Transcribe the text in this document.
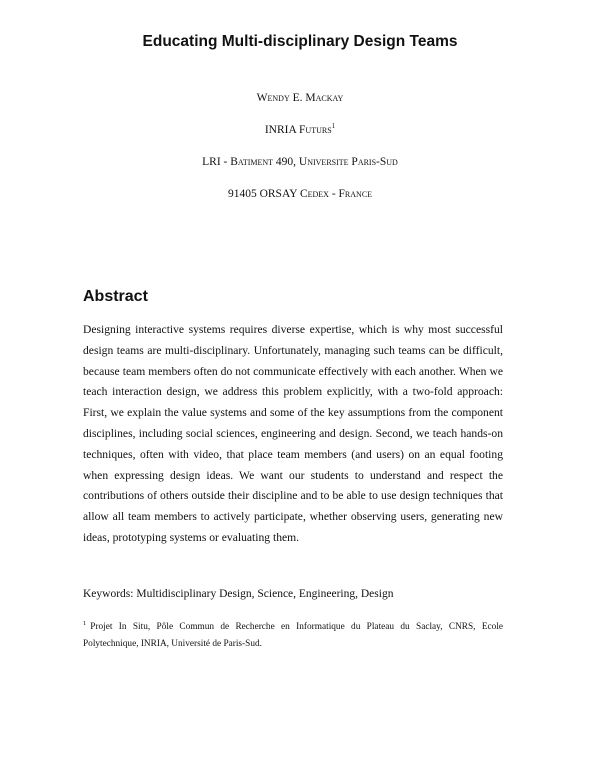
Educating Multi-disciplinary Design Teams

Wendy E. Mackay

INRIA Futurs$^1$

LRI - Batiment 490, Universite Paris-Sud

91405 ORSAY Cedex - France

Abstract

Designing interactive systems requires diverse expertise, which is why most successful design teams are multi-disciplinary. Unfortunately, managing such teams can be difficult, because team members often do not communicate effectively with each another. When we teach interaction design, we address this problem explicitly, with a two-fold approach: First, we explain the value systems and some of the key assumptions from the component disciplines, including social sciences, engineering and design. Second, we teach hands-on techniques, often with video, that place team members (and users) on an equal footing when expressing design ideas. We want our students to understand and respect the contributions of others outside their discipline and to be able to use design techniques that allow all team members to actively participate, whether observing users, generating new ideas, prototyping systems or evaluating them.

Keywords: Multidisciplinary Design, Science, Engineering, Design

$^1$ Projet In Situ, Pôle Commun de Recherche en Informatique du Plateau du Saclay, CNRS, Ecole Polytechnique, INRIA, Université de Paris-Sud.
